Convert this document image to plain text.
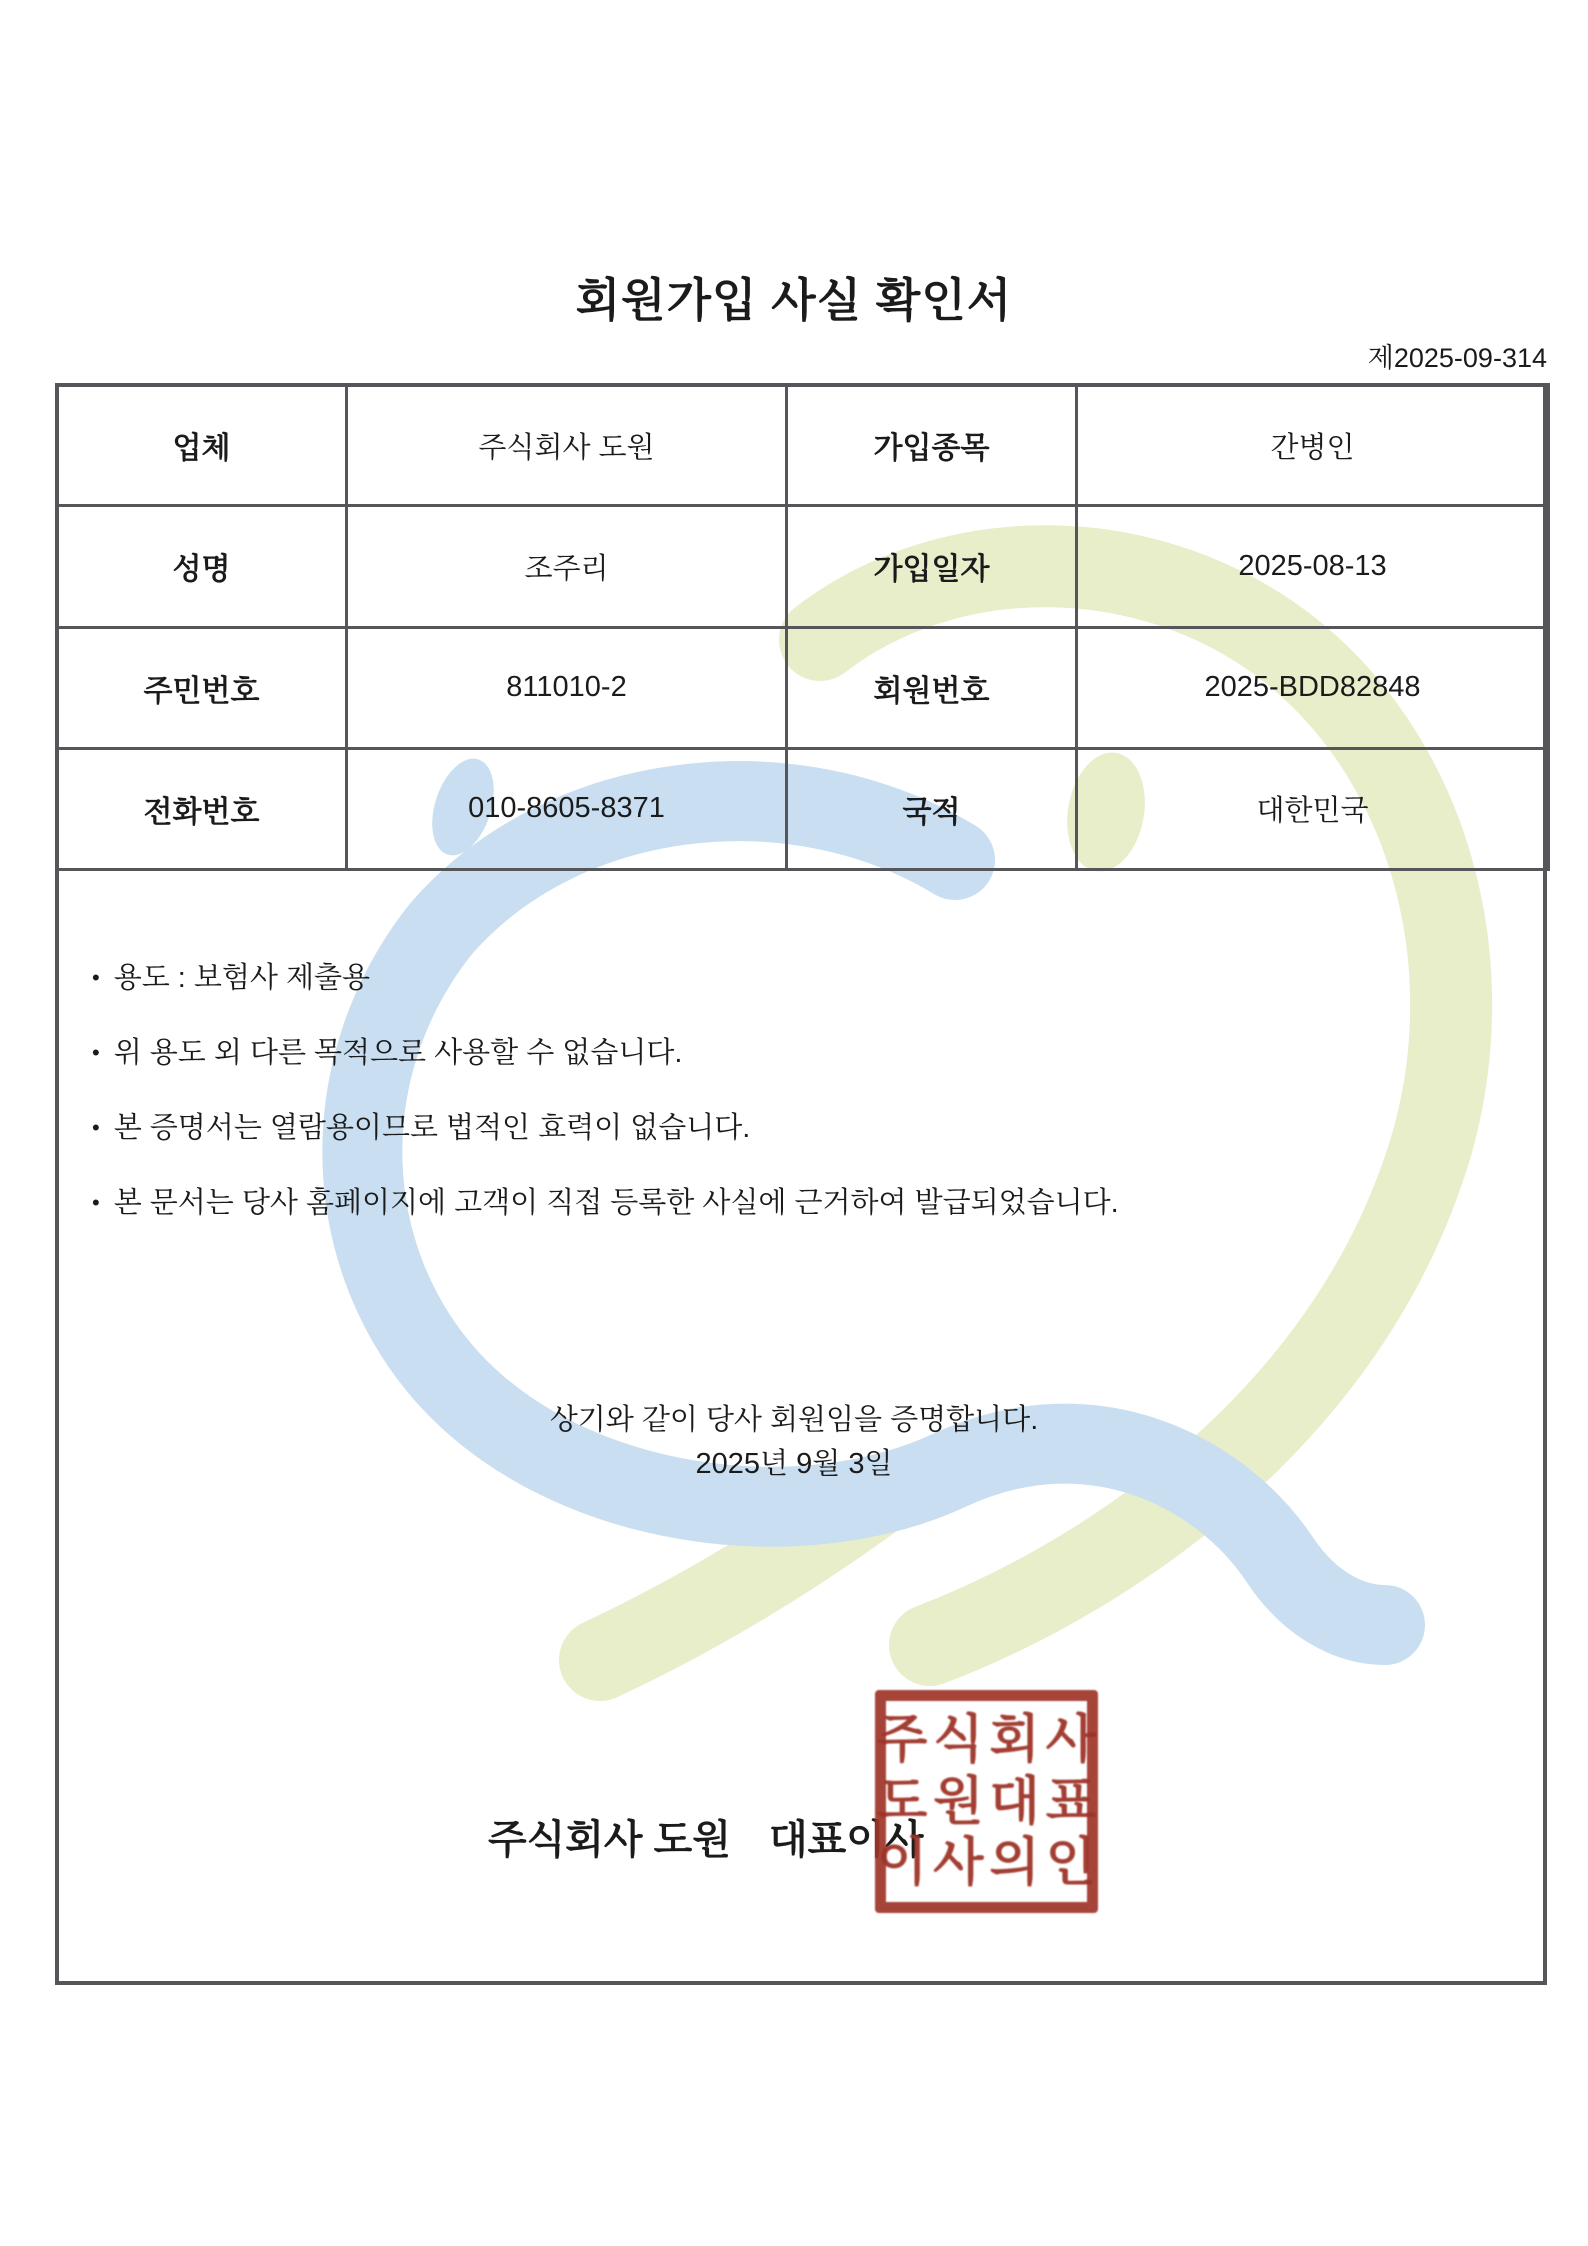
회원가입 사실 확인서
제2025-09-314
업체	주식회사 도원	가입종목	간병인
성명	조주리	가입일자	2025-08-13
주민번호	811010-2	회원번호	2025-BDD82848
전화번호	010-8605-8371	국적	대한민국
• 용도 : 보험사 제출용
• 위 용도 외 다른 목적으로 사용할 수 없습니다.
• 본 증명서는 열람용이므로 법적인 효력이 없습니다.
• 본 문서는 당사 홈페이지에 고객이 직접 등록한 사실에 근거하여 발급되었습니다.
상기와 같이 당사 회원임을 증명합니다.
2025년 9월 3일
주식회사 도원 대표이사
주식회사
도원대표
이사의인
